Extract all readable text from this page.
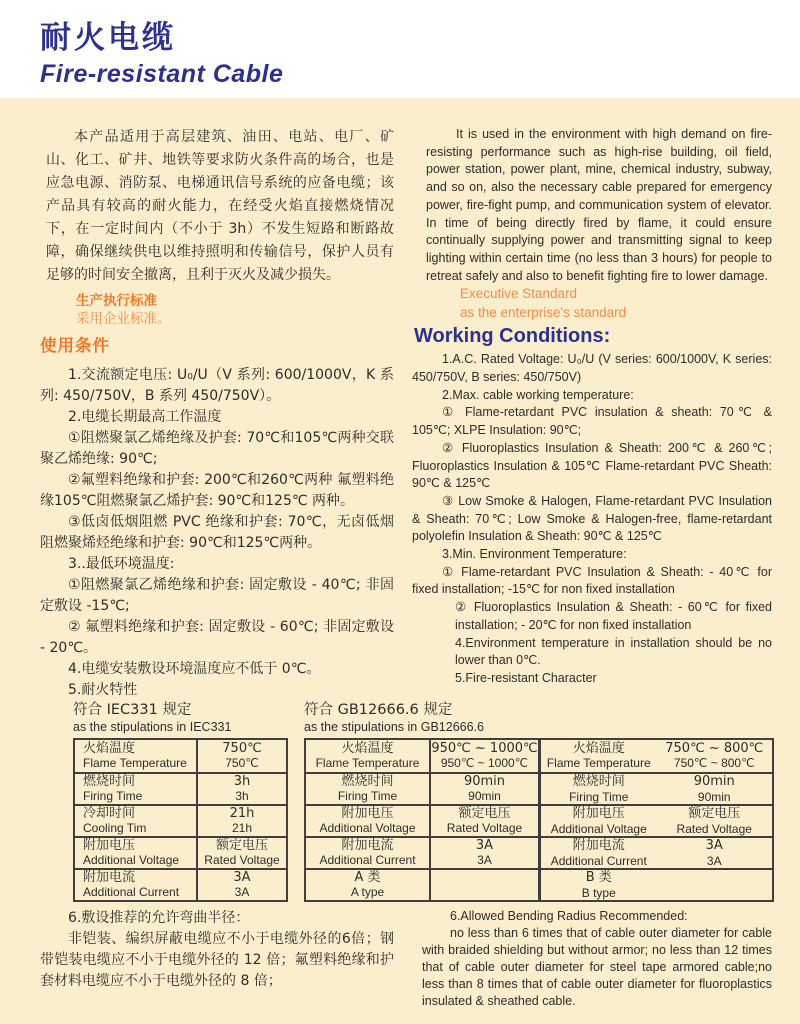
耐火电缆
Fire-resistant Cable

本产品适用于高层建筑、油田、电站、电厂、矿山、化工、矿井、地铁等要求防火条件高的场合，也是应急电源、消防泵、电梯通讯信号系统的应备电缆；该产品具有较高的耐火能力，在经受火焰直接燃烧情况下，在一定时间内（不小于 3h）不发生短路和断路故障，确保继续供电以维持照明和传输信号，保护人员有足够的时间安全撤离，且利于灭火及减少损失。

生产执行标准
采用企业标准。
使用条件

1.交流额定电压: U₀/U（V 系列: 600/1000V，K 系列: 450/750V，B 系列 450/750V）。

2.电缆长期最高工作温度

①阻燃聚氯乙烯绝缘及护套: 70℃和105℃两种交联聚乙烯绝缘: 90℃;

②氟塑料绝缘和护套: 200℃和260℃两种 氟塑料绝缘105℃阻燃聚氯乙烯护套: 90℃和125℃ 两种。

③低卤低烟阻燃 PVC 绝缘和护套: 70℃，无卤低烟阻燃聚烯烃绝缘和护套: 90℃和125℃两种。

3..最低环境温度:

①阻燃聚氯乙烯绝缘和护套: 固定敷设 - 40℃; 非固定敷设 -15℃;

② 氟塑料绝缘和护套: 固定敷设 - 60℃; 非固定敷设 - 20℃。

4.电缆安装敷设环境温度应不低于 0℃。

5.耐火特性

It is used in the environment with high demand on fire-resisting performance such as high-rise building, oil field, power station, power plant, mine, chemical industry, subway, and so on, also the necessary cable prepared for emergency power, fire-fight pump, and communication system of elevator. In time of being directly fired by flame, it could ensure continually supplying power and transmitting signal to keep lighting within certain time (no less than 3 hours) for people to retreat safely and also to benefit fighting fire to lower damage.

Executive Standard
as the enterprise's standard
Working Conditions:

1.A.C. Rated Voltage: U₀/U (V series: 600/1000V, K series: 450/750V, B series: 450/750V)

2.Max. cable working temperature:

① Flame-retardant PVC insulation & sheath: 70℃ & 105℃; XLPE Insulation: 90℃;

② Fluoroplastics Insulation & Sheath: 200℃ & 260℃; Fluoroplastics Insulation & 105℃ Flame-retardant PVC Sheath: 90℃ & 125℃

③ Low Smoke & Halogen, Flame-retardant PVC Insulation & Sheath: 70℃; Low Smoke & Halogen-free, flame-retardant polyolefin Insulation & Sheath: 90℃ & 125℃

3.Min. Environment Temperature:

① Flame-retardant PVC Insulation & Sheath: - 40℃ for fixed installation; -15℃ for non fixed installation

② Fluoroplastics Insulation & Sheath: - 60℃ for fixed installation; - 20℃ for non fixed installation

4.Environment temperature in installation should be no lower than 0℃.

5.Fire-resistant Character

符合 IEC331 规定
as the stipulations in IEC331
火焰温度
Flame Temperature
750℃
750℃
燃烧时间
Firing Time
3h
3h
冷却时间
Cooling Tim
21h
21h
附加电压
Additional Voltage
额定电压
Rated Voltage
附加电流
Additional Current
3A
3A
符合 GB12666.6 规定
as the stipulations in GB12666.6
火焰温度
Flame Temperature
950℃ ~ 1000℃
950℃ ~ 1000℃
火焰温度
Flame Temperature
750℃ ~ 800℃
750℃ ~ 800℃
燃烧时间
Firing Time
90min
90min
燃烧时间
Firing Time
90min
90min
附加电压
Additional Voltage
额定电压
Rated Voltage
附加电压
Additional Voltage
额定电压
Rated Voltage
附加电流
Additional Current
3A
3A
附加电流
Additional Current
3A
3A
A 类
A type
B 类
B type

6.敷设推荐的允许弯曲半径：

非铠装、编织屏蔽电缆应不小于电缆外径的6倍；钢带铠装电缆应不小于电缆外径的 12 倍；氟塑料绝缘和护套材料电缆应不小于电缆外径的 8 倍；

6.Allowed Bending Radius Recommended:

no less than 6 times that of cable outer diameter for cable with braided shielding but without armor; no less than 12 times that of cable outer diameter for steel tape armored cable;no less than 8 times that of cable outer diameter for fluoroplastics insulated & sheathed cable.
